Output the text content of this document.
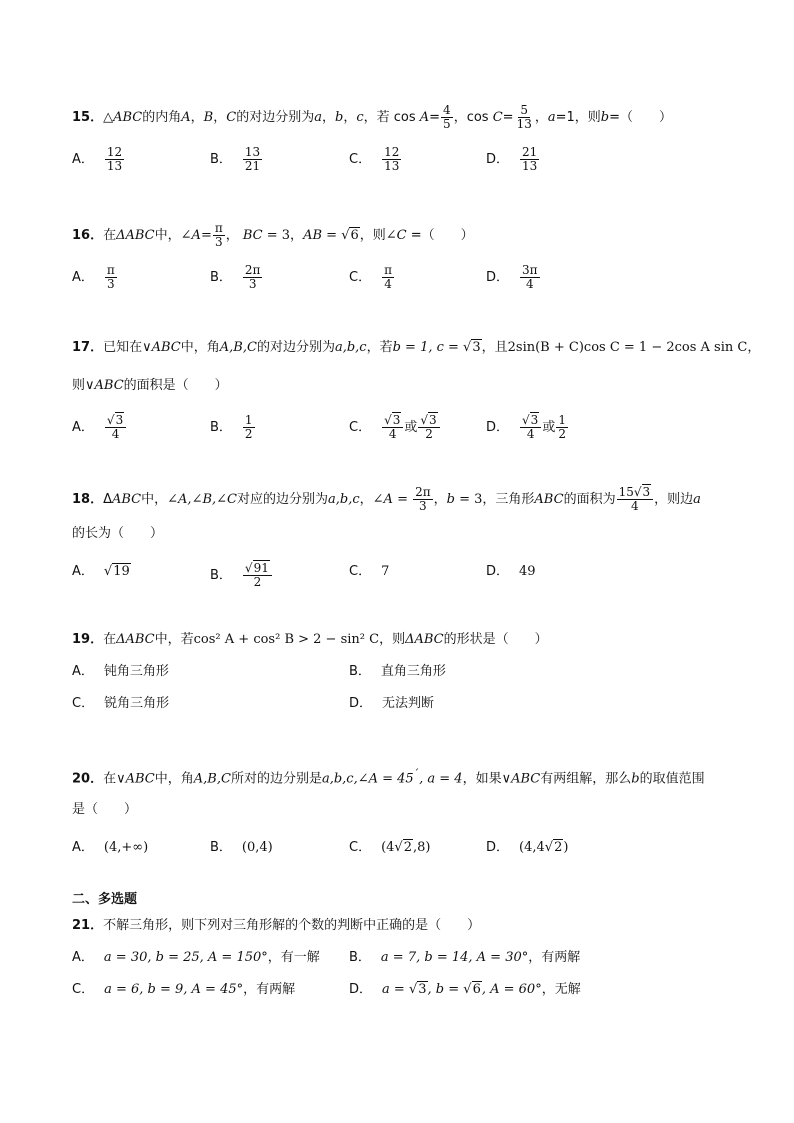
15．△ABC的内角A，B，C的对边分别为a，b，c，若 $\cos A= \frac{4}{5}$ ，$\cos C= \frac{5}{13}$ ，a=1，则b=（　　）
A． $\frac{12}{13}$	B． $\frac{13}{21}$	C． $\frac{12}{13}$	D． $\frac{21}{13}$
16．在ΔABC中，∠A= $\frac{\pi}{3}$ ， BC = 3，AB = √6，则∠C =（　　）
A． $\frac{\pi}{3}$	B． $\frac{2\pi}{3}$	C． $\frac{\pi}{4}$	D． $\frac{3\pi}{4}$
17．已知在∨ABC中，角A,B,C的对边分别为a,b,c，若b = 1, c = √3，且2sin(B + C)cos C = 1 − 2cos A sin C，
则∨ABC的面积是（　　）
A． $\frac{√3}{4}$	B． $\frac{1}{2}$	C． $\frac{√3}{4}$ 或 $\frac{√3}{2}$	D． $\frac{√3}{4}$ 或 $\frac{1}{2}$
18．ΔABC中，∠A,∠B,∠C对应的边分别为a,b,c，∠A = $\frac{2\pi}{3}$ ，b = 3，三角形ABC的面积为 $\frac{15√3}{4}$ ，则边a
的长为（　　）
A． √19	B． $\frac{√91}{2}$	C． 7	D． 49
19．在ΔABC中，若cos² A + cos² B > 2 − sin² C，则ΔABC的形状是（　　）
A． 钝角三角形	B． 直角三角形
C． 锐角三角形	D． 无法判断
20．在∨ABC中，角A,B,C所对的边分别是a,b,c,∠A = $45^ˊ$, a = 4，如果∨ABC有两组解，那么b的取值范围
是（　　）
A． (4,+∞)	B． (0,4)	C． (4√2,8)	D． (4,4√2)
二、多选题
21．不解三角形，则下列对三角形解的个数的判断中正确的是（　　）
A． a = 30, b = 25, A = 150°，有一解 B． a = 7, b = 14, A = 30°，有两解
C． a = 6, b = 9, A = 45°，有两解	D． a = √3, b = √6, A = 60°，无解
